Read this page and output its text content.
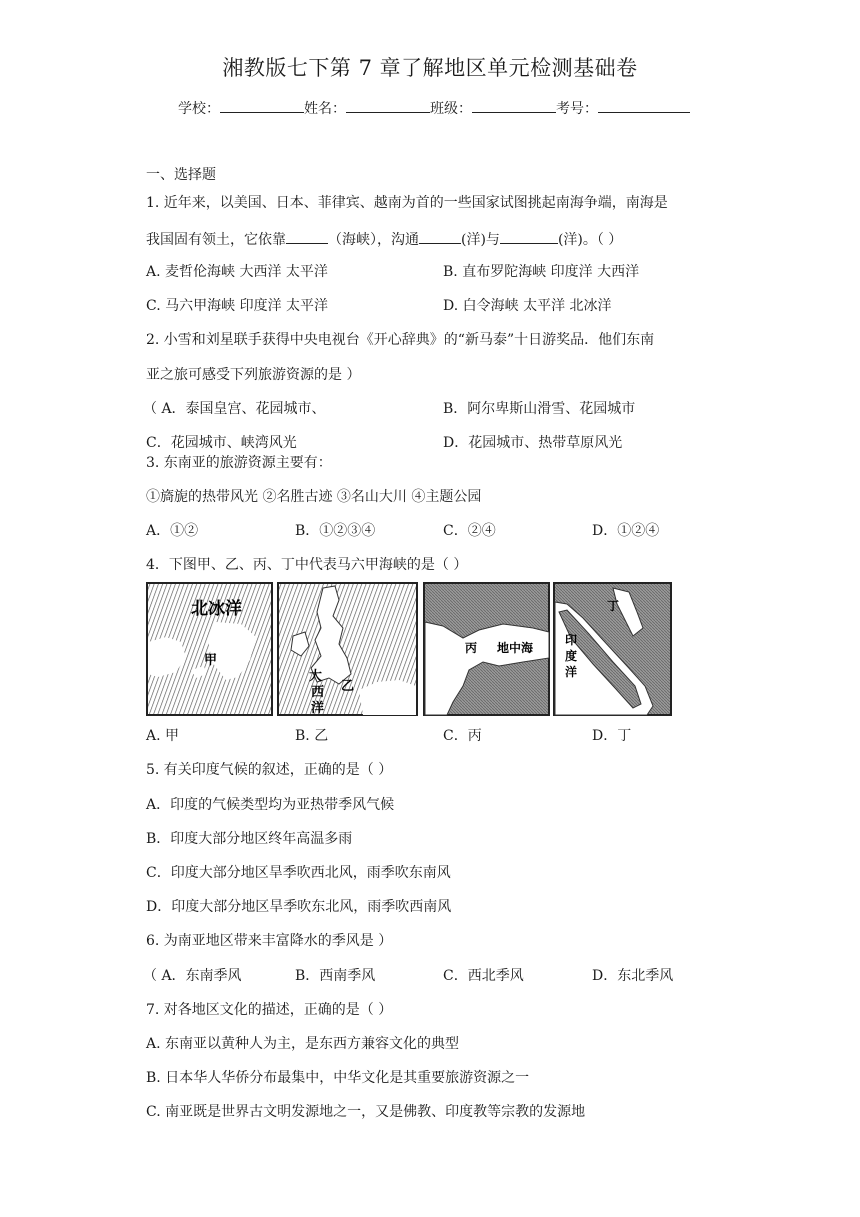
湘教版七下第 7 章了解地区单元检测基础卷
学校：	姓名：	班级：	考号：
一、选择题
1. 近年来，以美国、日本、菲律宾、越南为首的一些国家试图挑起南海争端，南海是
我国固有领土，它依靠	（海峡），沟通	(洋)与	(洋)。（ ）
A. 麦哲伦海峡 大西洋 太平洋	B. 直布罗陀海峡 印度洋 大西洋
C. 马六甲海峡 印度洋 太平洋	D. 白令海峡 太平洋 北冰洋
2. 小雪和刘星联手获得中央电视台《开心辞典》的“新马泰”十日游奖品．他们东南
亚之旅可感受下列旅游资源的是 ）
（ A．泰国皇宫、花园城市、	B．阿尔卑斯山滑雪、花园城市
C．花园城市、峡湾风光	D．花园城市、热带草原风光
3. 东南亚的旅游资源主要有：
①旖旎的热带风光 ②名胜古迹 ③名山大川 ④主题公园
A．①②	B．①②③④	C．②④	D．①②④
4．下图甲、乙、丙、丁中代表马六甲海峡的是（ ）
北冰洋
甲
大
西
洋
乙
丙 地中海
丁
印
度
洋
A. 甲	B. 乙	C．丙	D．丁
5. 有关印度气候的叙述，正确的是（ ）
A．印度的气候类型均为亚热带季风气候
B．印度大部分地区终年高温多雨
C．印度大部分地区旱季吹西北风，雨季吹东南风
D．印度大部分地区旱季吹东北风，雨季吹西南风
6. 为南亚地区带来丰富降水的季风是 ）
（ A．东南季风	B．西南季风	C．西北季风	D．东北季风
7. 对各地区文化的描述，正确的是（ ）
A. 东南亚以黄种人为主，是东西方兼容文化的典型
B. 日本华人华侨分布最集中，中华文化是其重要旅游资源之一
C. 南亚既是世界古文明发源地之一，又是佛教、印度教等宗教的发源地
